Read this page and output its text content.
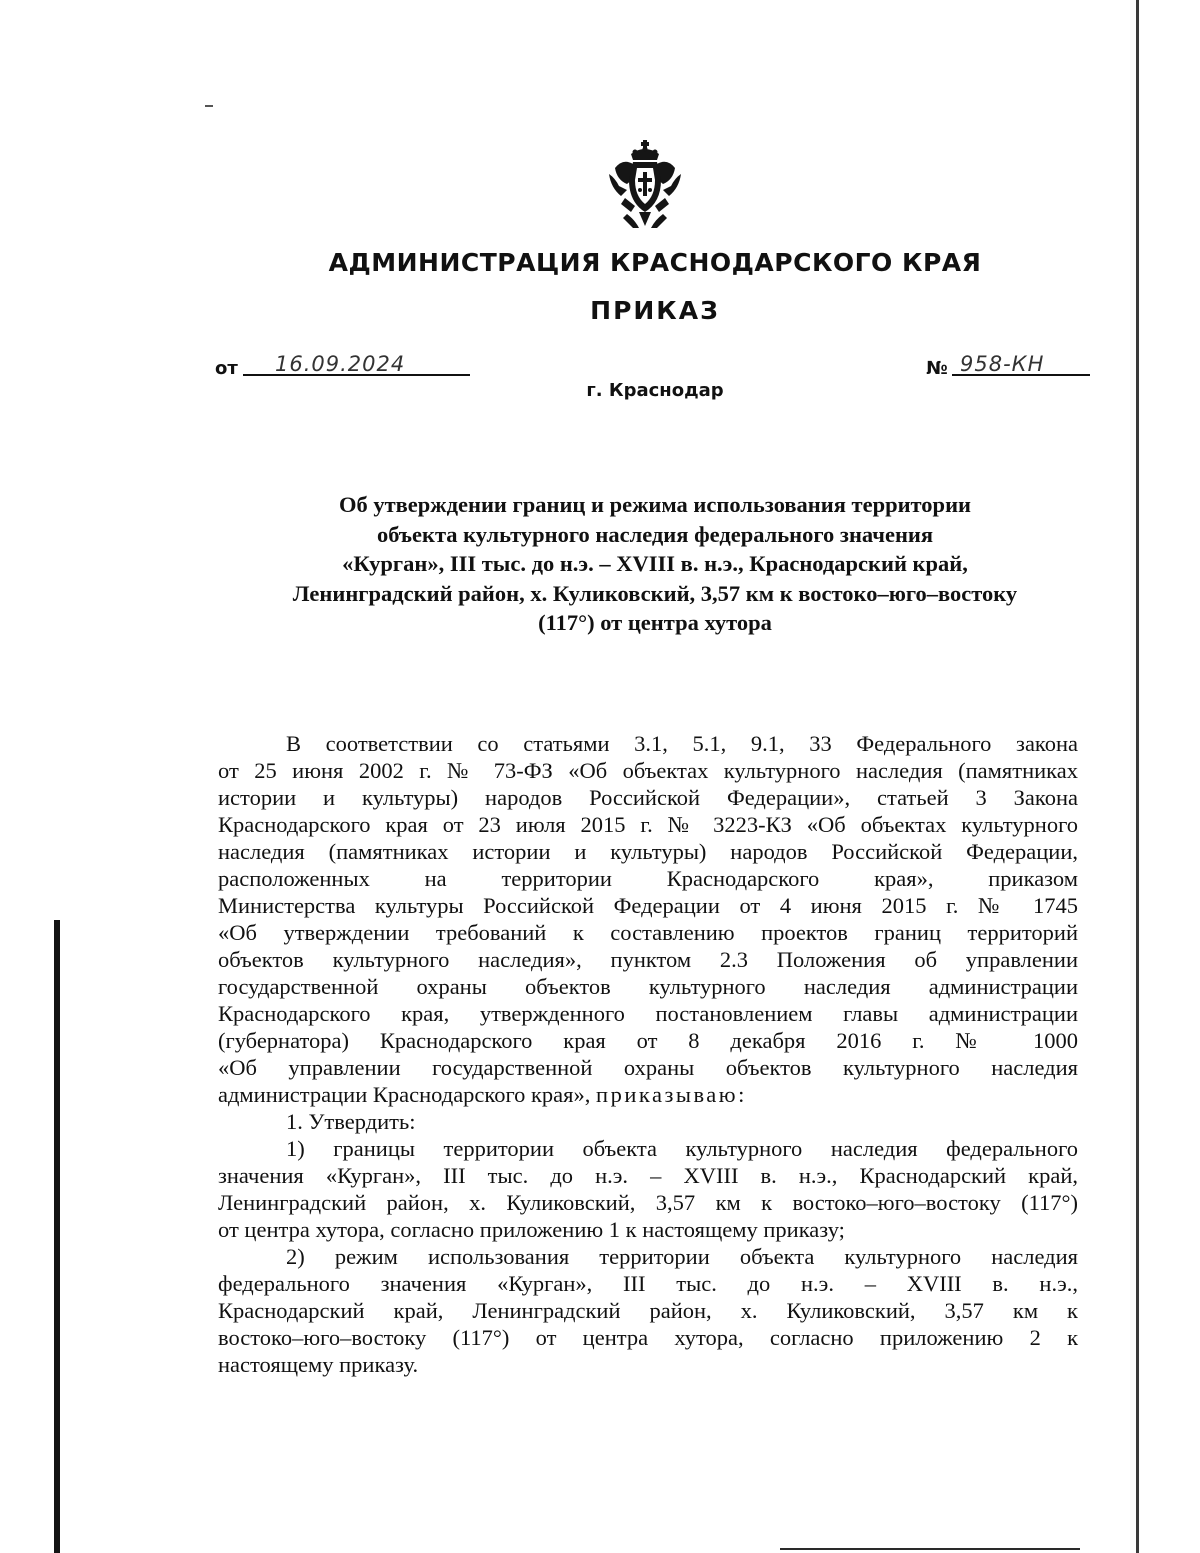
АДМИНИСТРАЦИЯ КРАСНОДАРСКОГО КРАЯ
ПРИКАЗ
от 16.09.2024	№ 958-КН
г. Краснодар
Об утверждении границ и режима использования территории
объекта культурного наследия федерального значения
«Курган», III тыс. до н.э. – XVIII в. н.э., Краснодарский край,
Ленинградский район, х. Куликовский, 3,57 км к востоко–юго–востоку
(117°) от центра хутора
В соответствии со статьями 3.1, 5.1, 9.1, 33 Федерального закона
от 25 июня 2002 г. № 73-ФЗ «Об объектах культурного наследия (памятниках
истории и культуры) народов Российской Федерации», статьей 3 Закона
Краснодарского края от 23 июля 2015 г. № 3223-КЗ «Об объектах культурного
наследия (памятниках истории и культуры) народов Российской Федерации,
расположенных на территории Краснодарского края», приказом
Министерства культуры Российской Федерации от 4 июня 2015 г. № 1745
«Об утверждении требований к составлению проектов границ территорий
объектов культурного наследия», пунктом 2.3 Положения об управлении
государственной охраны объектов культурного наследия администрации
Краснодарского края, утвержденного постановлением главы администрации
(губернатора) Краснодарского края от 8 декабря 2016 г. № 1000
«Об управлении государственной охраны объектов культурного наследия
администрации Краснодарского края», приказываю:
1. Утвердить:
1) границы территории объекта культурного наследия федерального
значения «Курган», III тыс. до н.э. – XVIII в. н.э., Краснодарский край,
Ленинградский район, х. Куликовский, 3,57 км к востоко–юго–востоку (117°)
от центра хутора, согласно приложению 1 к настоящему приказу;
2) режим использования территории объекта культурного наследия
федерального значения «Курган», III тыс. до н.э. – XVIII в. н.э.,
Краснодарский край, Ленинградский район, х. Куликовский, 3,57 км к
востоко–юго–востоку (117°) от центра хутора, согласно приложению 2 к
настоящему приказу.
